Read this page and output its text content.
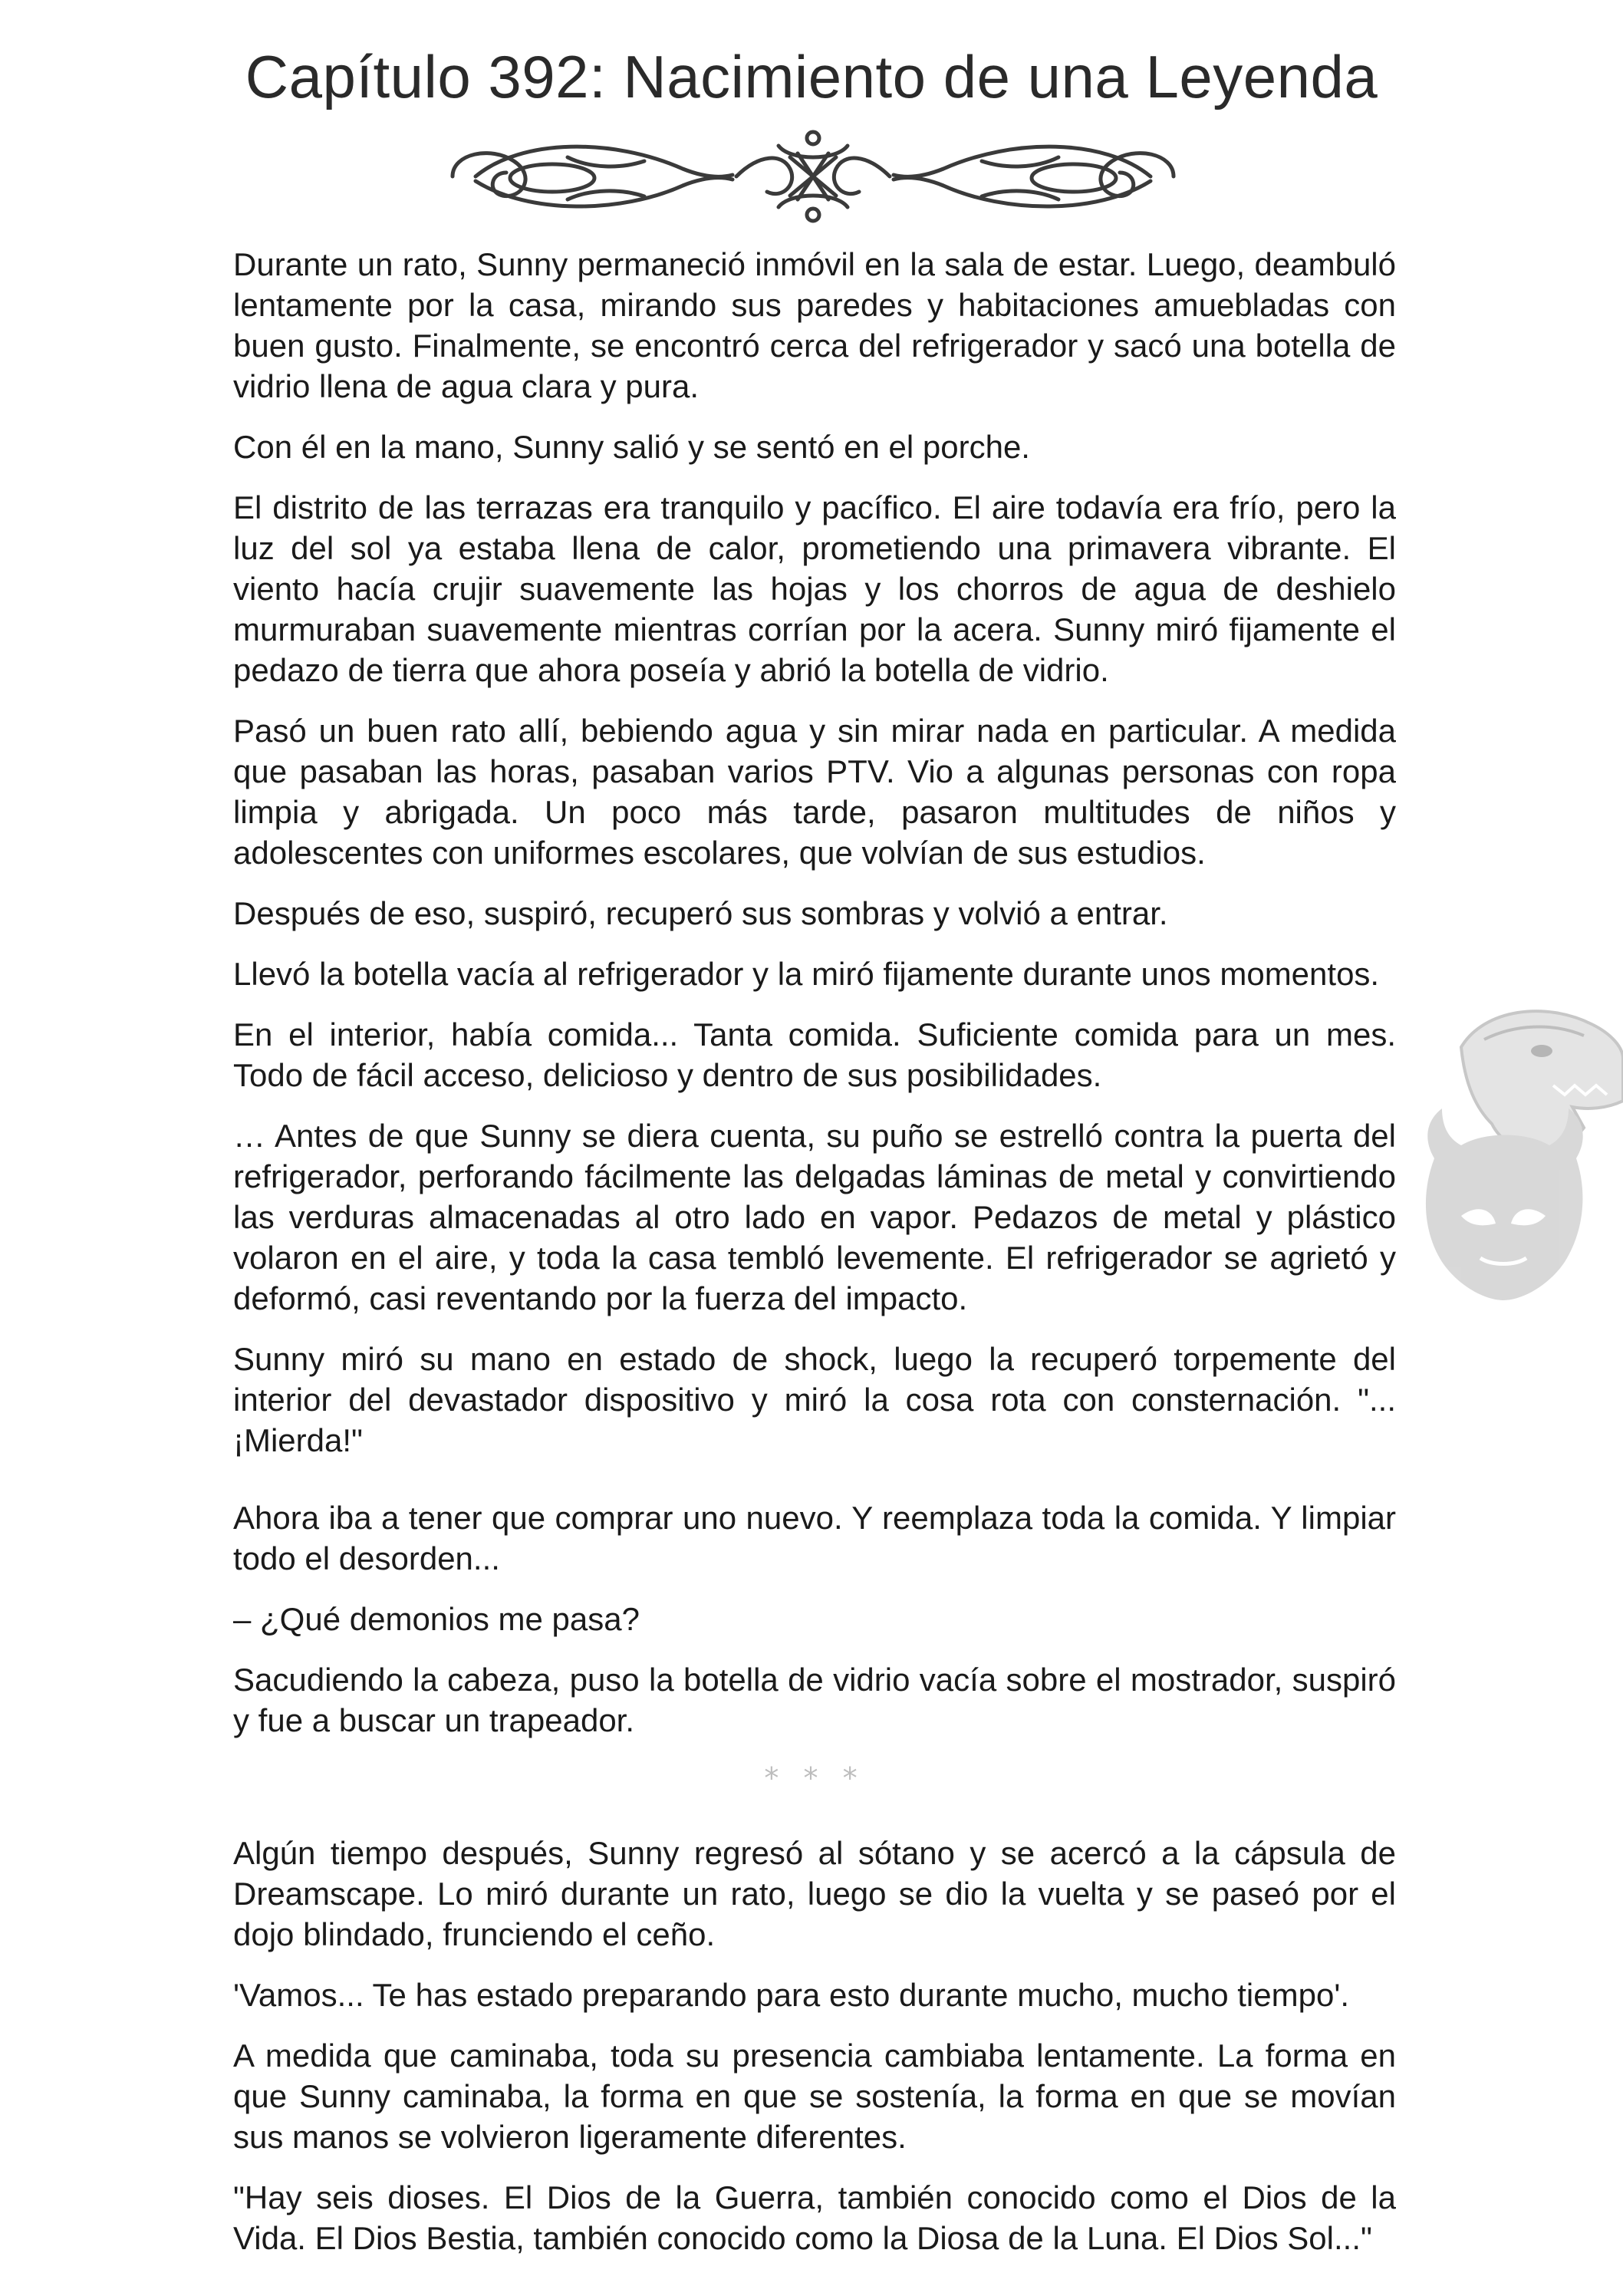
Capítulo 392: Nacimiento de una Leyenda

Durante un rato, Sunny permaneció inmóvil en la sala de estar. Luego, deambuló lentamente por la casa, mirando sus paredes y habitaciones amuebladas con buen gusto. Finalmente, se encontró cerca del refrigerador y sacó una botella de vidrio llena de agua clara y pura.

Con él en la mano, Sunny salió y se sentó en el porche.

El distrito de las terrazas era tranquilo y pacífico. El aire todavía era frío, pero la luz del sol ya estaba llena de calor, prometiendo una primavera vibrante. El viento hacía crujir suavemente las hojas y los chorros de agua de deshielo murmuraban suavemente mientras corrían por la acera. Sunny miró fijamente el pedazo de tierra que ahora poseía y abrió la botella de vidrio.

Pasó un buen rato allí, bebiendo agua y sin mirar nada en particular. A medida que pasaban las horas, pasaban varios PTV. Vio a algunas personas con ropa limpia y abrigada. Un poco más tarde, pasaron multitudes de niños y adolescentes con uniformes escolares, que volvían de sus estudios.

Después de eso, suspiró, recuperó sus sombras y volvió a entrar.

Llevó la botella vacía al refrigerador y la miró fijamente durante unos momentos.

En el interior, había comida... Tanta comida. Suficiente comida para un mes. Todo de fácil acceso, delicioso y dentro de sus posibilidades.

… Antes de que Sunny se diera cuenta, su puño se estrelló contra la puerta del refrigerador, perforando fácilmente las delgadas láminas de metal y convirtiendo las verduras almacenadas al otro lado en vapor. Pedazos de metal y plástico volaron en el aire, y toda la casa tembló levemente. El refrigerador se agrietó y deformó, casi reventando por la fuerza del impacto.

Sunny miró su mano en estado de shock, luego la recuperó torpemente del interior del devastador dispositivo y miró la cosa rota con consternación. "... ¡Mierda!"

Ahora iba a tener que comprar uno nuevo. Y reemplaza toda la comida. Y limpiar todo el desorden...

– ¿Qué demonios me pasa?

Sacudiendo la cabeza, puso la botella de vidrio vacía sobre el mostrador, suspiró y fue a buscar un trapeador.

* * *

Algún tiempo después, Sunny regresó al sótano y se acercó a la cápsula de Dreamscape. Lo miró durante un rato, luego se dio la vuelta y se paseó por el dojo blindado, frunciendo el ceño.

'Vamos... Te has estado preparando para esto durante mucho, mucho tiempo'.

A medida que caminaba, toda su presencia cambiaba lentamente. La forma en que Sunny caminaba, la forma en que se sostenía, la forma en que se movían sus manos se volvieron ligeramente diferentes.

"Hay seis dioses. El Dios de la Guerra, también conocido como el Dios de la Vida. El Dios Bestia, también conocido como la Diosa de la Luna. El Dios Sol..."
